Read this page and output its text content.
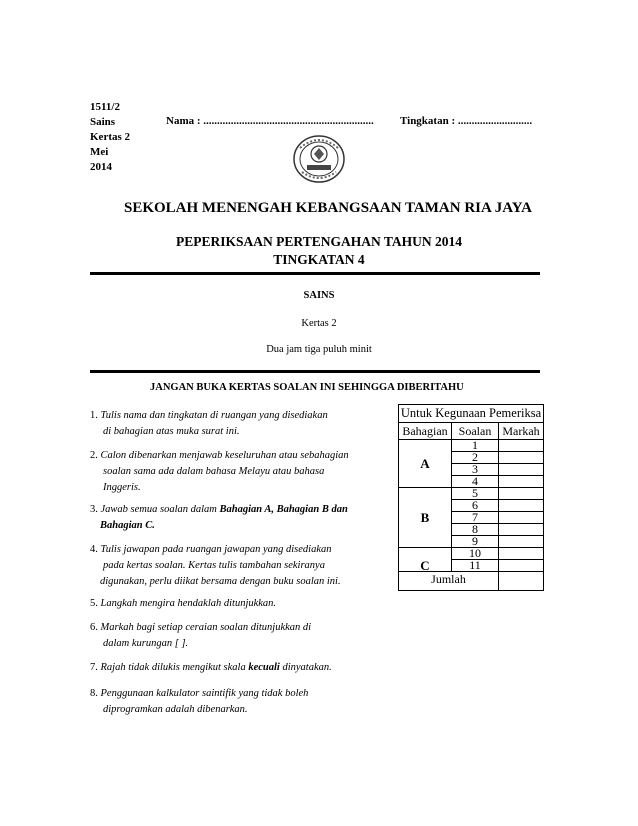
1511/2
Sains
Kertas 2
Mei
2014
Nama : .............................................................. Tingkatan : ...........................
SEKOLAH MENENGAH KEBANGSAAN TAMAN RIA JAYA
PEPERIKSAAN PERTENGAHAN TAHUN 2014
TINGKATAN 4
SAINS
Kertas 2
Dua jam tiga puluh minit
JANGAN BUKA KERTAS SOALAN INI SEHINGGA DIBERITAHU
1. Tulis nama dan tingkatan di ruangan yang disediakan
di bahagian atas muka surat ini.
2. Calon dibenarkan menjawab keseluruhan atau sebahagian
soalan sama ada dalam bahasa Melayu atau bahasa
Inggeris.
3. Jawab semua soalan dalam Bahagian A, Bahagian B dan
Bahagian C.
4. Tulis jawapan pada ruangan jawapan yang disediakan
pada kertas soalan. Kertas tulis tambahan sekiranya
digunakan, perlu diikat bersama dengan buku soalan ini.
5. Langkah mengira hendaklah ditunjukkan.
6. Markah bagi setiap ceraian soalan ditunjukkan di
dalam kurungan [ ].
7. Rajah tidak dilukis mengikut skala kecuali dinyatakan.
8. Penggunaan kalkulator saintifik yang tidak boleh
diprogramkan adalah dibenarkan.
Untuk Kegunaan Pemeriksa		
Bahagian	Soalan	Markah
A	1	
	2	
	3	
	4	
B	5	
	6	
	7	
	8	
	9	
C	10	
	11	
Jumlah		
